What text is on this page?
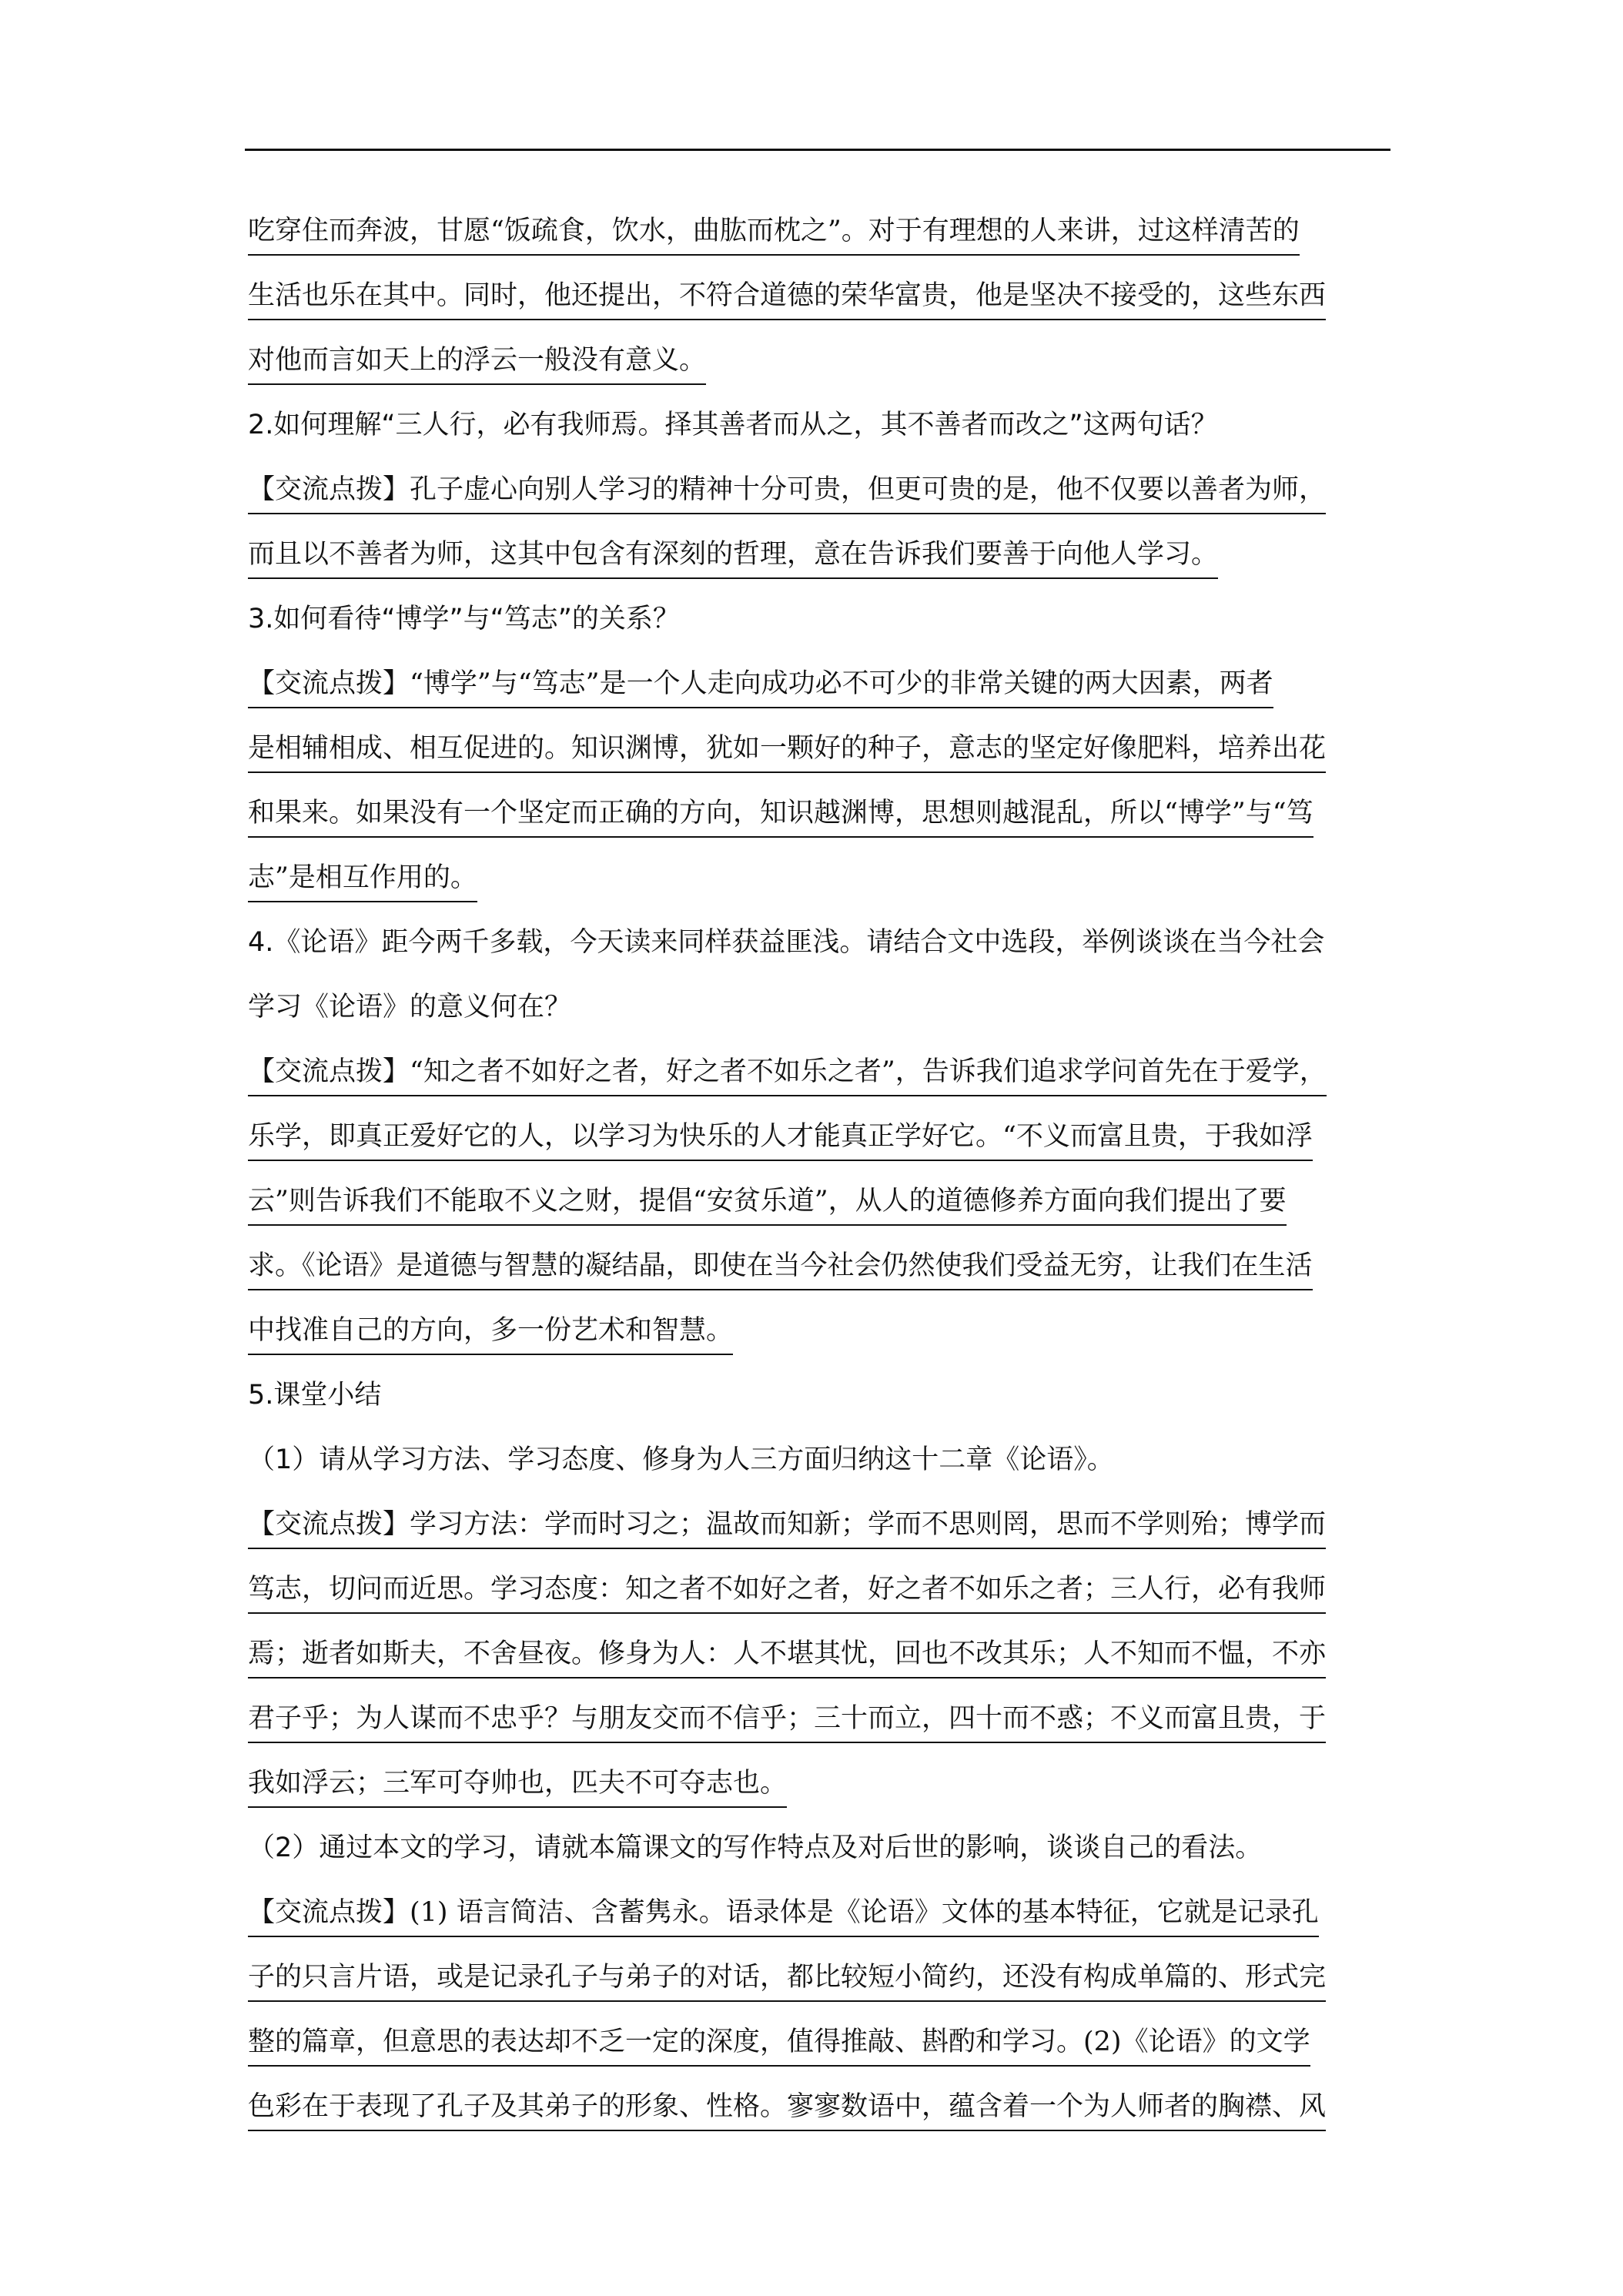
吃穿住而奔波，甘愿“饭疏食，饮水，曲肱而枕之”。对于有理想的人来讲，过这样清苦的
生活也乐在其中。同时，他还提出，不符合道德的荣华富贵，他是坚决不接受的，这些东西
对他而言如天上的浮云一般没有意义。
2.如何理解“三人行，必有我师焉。择其善者而从之，其不善者而改之”这两句话？
【交流点拨】孔子虚心向别人学习的精神十分可贵，但更可贵的是，他不仅要以善者为师，
而且以不善者为师，这其中包含有深刻的哲理，意在告诉我们要善于向他人学习。
3.如何看待“博学”与“笃志”的关系？
【交流点拨】“博学”与“笃志”是一个人走向成功必不可少的非常关键的两大因素，两者
是相辅相成、相互促进的。知识渊博，犹如一颗好的种子，意志的坚定好像肥料，培养出花
和果来。如果没有一个坚定而正确的方向，知识越渊博，思想则越混乱，所以“博学”与“笃
志”是相互作用的。
4.《论语》距今两千多载，今天读来同样获益匪浅。请结合文中选段，举例谈谈在当今社会
学习《论语》的意义何在？
【交流点拨】“知之者不如好之者，好之者不如乐之者”，告诉我们追求学问首先在于爱学，
乐学，即真正爱好它的人，以学习为快乐的人才能真正学好它。“不义而富且贵，于我如浮
云”则告诉我们不能取不义之财，提倡“安贫乐道”，从人的道德修养方面向我们提出了要
求。《论语》是道德与智慧的凝结晶，即使在当今社会仍然使我们受益无穷，让我们在生活
中找准自己的方向，多一份艺术和智慧。
5.课堂小结
（1）请从学习方法、学习态度、修身为人三方面归纳这十二章《论语》。
【交流点拨】学习方法：学而时习之；温故而知新；学而不思则罔，思而不学则殆；博学而
笃志，切问而近思。学习态度：知之者不如好之者，好之者不如乐之者；三人行，必有我师
焉；逝者如斯夫，不舍昼夜。修身为人：人不堪其忧，回也不改其乐；人不知而不愠，不亦
君子乎；为人谋而不忠乎？与朋友交而不信乎；三十而立，四十而不惑；不义而富且贵，于
我如浮云；三军可夺帅也，匹夫不可夺志也。
（2）通过本文的学习，请就本篇课文的写作特点及对后世的影响，谈谈自己的看法。
【交流点拨】(1) 语言简洁、含蓄隽永。语录体是《论语》文体的基本特征，它就是记录孔
子的只言片语，或是记录孔子与弟子的对话，都比较短小简约，还没有构成单篇的、形式完
整的篇章，但意思的表达却不乏一定的深度，值得推敲、斟酌和学习。(2)《论语》的文学
色彩在于表现了孔子及其弟子的形象、性格。寥寥数语中，蕴含着一个为人师者的胸襟、风
